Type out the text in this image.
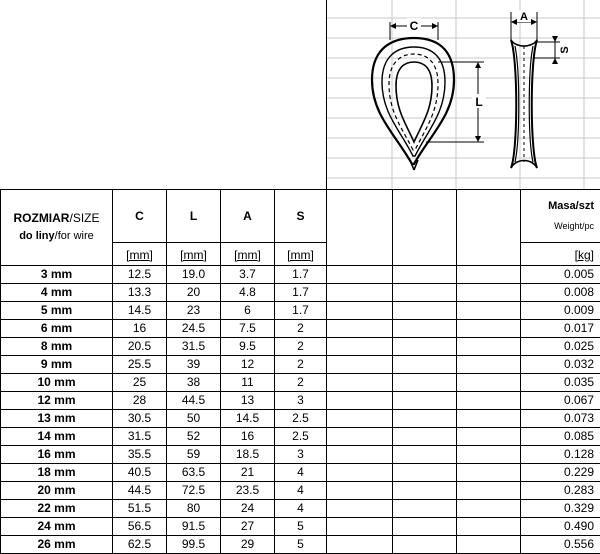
C
L
A
S
ROZMIAR/SIZE
do liny/for wire	C	L	A	S				Masa/szt
Weight/pc

	[mm]	[mm]	[mm]	[mm]				[kg]
3 mm	12.5	19.0	3.7	1.7				0.005
4 mm	13.3	20	4.8	1.7				0.008
5 mm	14.5	23	6	1.7				0.009
6 mm	16	24.5	7.5	2				0.017
8 mm	20.5	31.5	9.5	2				0.025
9 mm	25.5	39	12	2				0.032
10 mm	25	38	11	2				0.035
12 mm	28	44.5	13	3				0.067
13 mm	30.5	50	14.5	2.5				0.073
14 mm	31.5	52	16	2.5				0.085
16 mm	35.5	59	18.5	3				0.128
18 mm	40.5	63.5	21	4				0.229
20 mm	44.5	72.5	23.5	4				0.283
22 mm	51.5	80	24	4				0.329
24 mm	56.5	91.5	27	5				0.490
26 mm	62.5	99.5	29	5				0.556
